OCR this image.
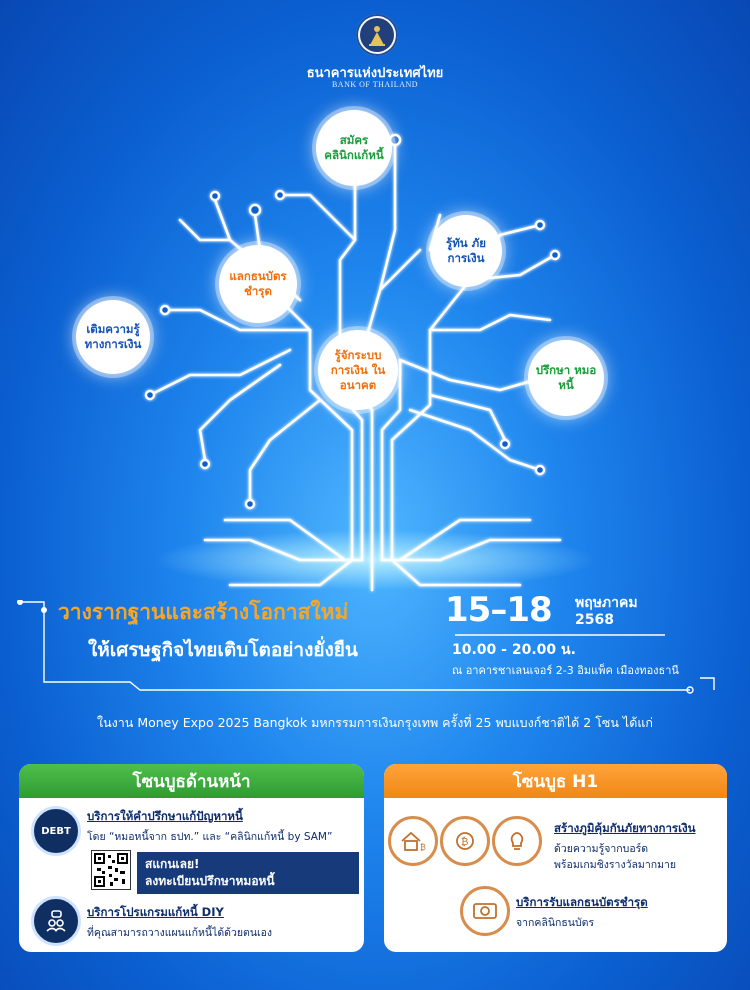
ธนาคารแห่งประเทศไทย
BANK OF THAILAND
สมัคร คลินิกแก้หนี้
แลกธนบัตร ชำรุด
รู้ทัน ภัยการเงิน
เติมความรู้ ทางการเงิน
รู้จักระบบ การเงิน ในอนาคต
ปรึกษา หมอหนี้
วางรากฐานและสร้างโอกาสใหม่
ให้เศรษฐกิจไทยเติบโตอย่างยั่งยืน
15–18 พฤษภาคม
2568
10.00 - 20.00 น.
ณ อาคารชาเลนเจอร์ 2-3 อิมแพ็ค เมืองทองธานี
ในงาน Money Expo 2025 Bangkok มหกรรมการเงินกรุงเทพ ครั้งที่ 25 พบแบงก์ชาติได้ 2 โซน ได้แก่
โซนบูธด้านหน้า
DEBT
บริการให้คำปรึกษาแก้ปัญหาหนี้
โดย “หมอหนี้จาก ธปท.” และ “คลินิกแก้หนี้ by SAM”
สแกนเลย!
ลงทะเบียนปรึกษาหมอหนี้
บริการโปรแกรมแก้หนี้ DIY
ที่คุณสามารถวางแผนแก้หนี้ได้ด้วยตนเอง
โซนบูธ H1
₿	₿
สร้างภูมิคุ้มกันภัยทางการเงิน
ด้วยความรู้จากบอร์ด
พร้อมเกมชิงรางวัลมากมาย
บริการรับแลกธนบัตรชำรุด
จากคลินิกธนบัตร
